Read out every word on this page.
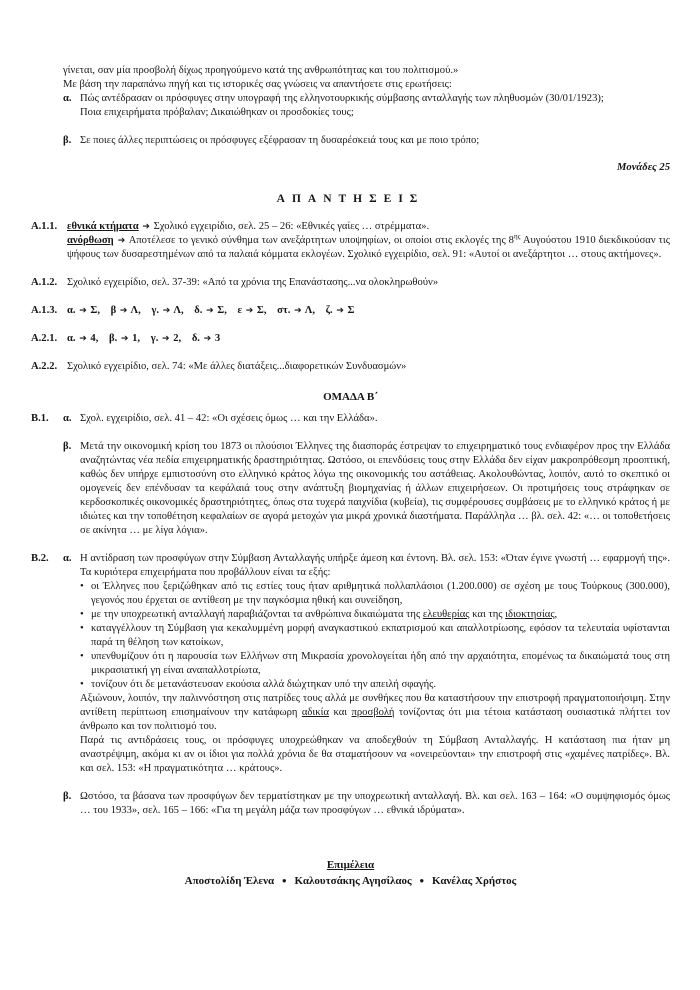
γίνεται, σαν μία προσβολή δίχως προηγούμενο κατά της ανθρωπότητας και του πολιτισμού.»
Με βάση την παραπάνω πηγή και τις ιστορικές σας γνώσεις να απαντήσετε στις ερωτήσεις:
α. Πώς αντέδρασαν οι πρόσφυγες στην υπογραφή της ελληνοτουρκικής σύμβασης ανταλλαγής των πληθυσμών (30/01/1923);
Ποια επιχειρήματα πρόβαλαν; Δικαιώθηκαν οι προσδοκίες τους;
β. Σε ποιες άλλες περιπτώσεις οι πρόσφυγες εξέφρασαν τη δυσαρέσκειά τους και με ποιο τρόπο;
Μονάδες 25
ΑΠΑΝΤΗΣΕΙΣ
Α.1.1. εθνικά κτήματα ➔ Σχολικό εγχειρίδιο, σελ. 25 – 26: «Εθνικές γαίες … στρέμματα».
ανόρθωση ➔ Αποτέλεσε το γενικό σύνθημα των ανεξάρτητων υποψηφίων, οι οποίοι στις εκλογές της $8^{\eta\varsigma}$ Αυγούστου 1910 διεκδικούσαν τις ψήφους των δυσαρεστημένων από τα παλαιά κόμματα εκλογέων. Σχολικό εγχειρίδιο, σελ. 91: «Αυτοί οι ανεξάρτητοι … στους ακτήμονες».
Α.1.2. Σχολικό εγχειρίδιο, σελ. 37-39: «Από τα χρόνια της Επανάστασης...να ολοκληρωθούν»
Α.1.3. α. ➔ Σ , β ➔ Λ , γ. ➔ Λ , δ. ➔ Σ , ε ➔ Σ , στ. ➔ Λ , ζ. ➔ Σ
Α.2.1. α. ➔ 4 , β. ➔ 1 , γ. ➔ 2 , δ. ➔ 3
Α.2.2. Σχολικό εγχειρίδιο, σελ. 74: «Με άλλες διατάξεις...διαφορετικών Συνδυασμών»
ΟΜΑΔΑ Β΄
Β.1.	α. Σχολ. εγχειρίδιο, σελ. 41 – 42: «Οι σχέσεις όμως … και την Ελλάδα».
β. Μετά την οικονομική κρίση του 1873 οι πλούσιοι Έλληνες της διασποράς έστρεψαν το επιχειρηματικό τους ενδιαφέρον προς την Ελλάδα αναζητώντας νέα πεδία επιχειρηματικής δραστηριότητας. Ωστόσο, οι επενδύσεις τους στην Ελλάδα δεν είχαν μακροπρόθεσμη προοπτική, καθώς δεν υπήρχε εμπιστοσύνη στο ελληνικό κράτος λόγω της οικονομικής του αστάθειας. Ακολουθώντας, λοιπόν, αυτό το σκεπτικό οι ομογενείς δεν επένδυσαν τα κεφάλαιά τους στην ανάπτυξη βιομηχανίας ή άλλων επιχειρήσεων. Οι προτιμήσεις τους στράφηκαν σε κερδοσκοπικές οικονομικές δραστηριότητες, όπως στα τυχερά παιχνίδια (κυβεία), τις συμφέρουσες συμβάσεις με το ελληνικό κράτος ή με ιδιώτες και την τοποθέτηση κεφαλαίων σε αγορά μετοχών για μικρά χρονικά διαστήματα. Παράλληλα … βλ. σελ. 42: «… οι τοποθετήσεις σε ακίνητα … με λίγα λόγια».
Β.2.	α. Η αντίδραση των προσφύγων στην Σύμβαση Ανταλλαγής υπήρξε άμεση και έντονη. Βλ. σελ. 153: «Όταν έγινε γνωστή … εφαρμογή της». Τα κυριότερα επιχειρήματα που προβάλλουν είναι τα εξής:
• οι Έλληνες που ξεριζώθηκαν από τις εστίες τους ήταν αριθμητικά πολλαπλάσιοι (1.200.000) σε σχέση με τους Τούρκους (300.000), γεγονός που έρχεται σε αντίθεση με την παγκόσμια ηθική και συνείδηση,
• με την υποχρεωτική ανταλλαγή παραβιάζονται τα ανθρώπινα δικαιώματα της ελευθερίας και της ιδιοκτησίας,
• καταγγέλλουν τη Σύμβαση για κεκαλυμμένη μορφή αναγκαστικού εκπατρισμού και απαλλοτρίωσης, εφόσον τα τελευταία υφίστανται παρά τη θέληση των κατοίκων,
• υπενθυμίζουν ότι η παρουσία των Ελλήνων στη Μικρασία χρονολογείται ήδη από την αρχαιότητα, επομένως τα δικαιώματά τους στη μικρασιατική γη είναι αναπαλλοτρίωτα,
• τονίζουν ότι δε μετανάστευσαν εκούσια αλλά διώχτηκαν υπό την απειλή σφαγής.
Αξιώνουν, λοιπόν, την παλιννόστηση στις πατρίδες τους αλλά με συνθήκες που θα καταστήσουν την επιστροφή πραγματοποιήσιμη. Στην αντίθετη περίπτωση επισημαίνουν την κατάφωρη αδικία και προσβολή τονίζοντας ότι μια τέτοια κατάσταση ουσιαστικά πλήττει τον άνθρωπο και τον πολιτισμό του.
Παρά τις αντιδράσεις τους, οι πρόσφυγες υποχρεώθηκαν να αποδεχθούν τη Σύμβαση Ανταλλαγής. Η κατάσταση πια ήταν μη αναστρέψιμη, ακόμα κι αν οι ίδιοι για πολλά χρόνια δε θα σταματήσουν να «ονειρεύονται» την επιστροφή στις «χαμένες πατρίδες». Βλ. και σελ. 153: «Η πραγματικότητα … κράτους».
β. Ωστόσο, τα βάσανα των προσφύγων δεν τερματίστηκαν με την υποχρεωτική ανταλλαγή. Βλ. και σελ. 163 – 164: «Ο συμψηφισμός όμως … του 1933», σελ. 165 – 166: «Για τη μεγάλη μάζα των προσφύγων … εθνικά ιδρύματα».
Επιμέλεια
Αποστολίδη Έλενα ● Καλουτσάκης Αγησίλαος ● Κανέλας Χρήστος
